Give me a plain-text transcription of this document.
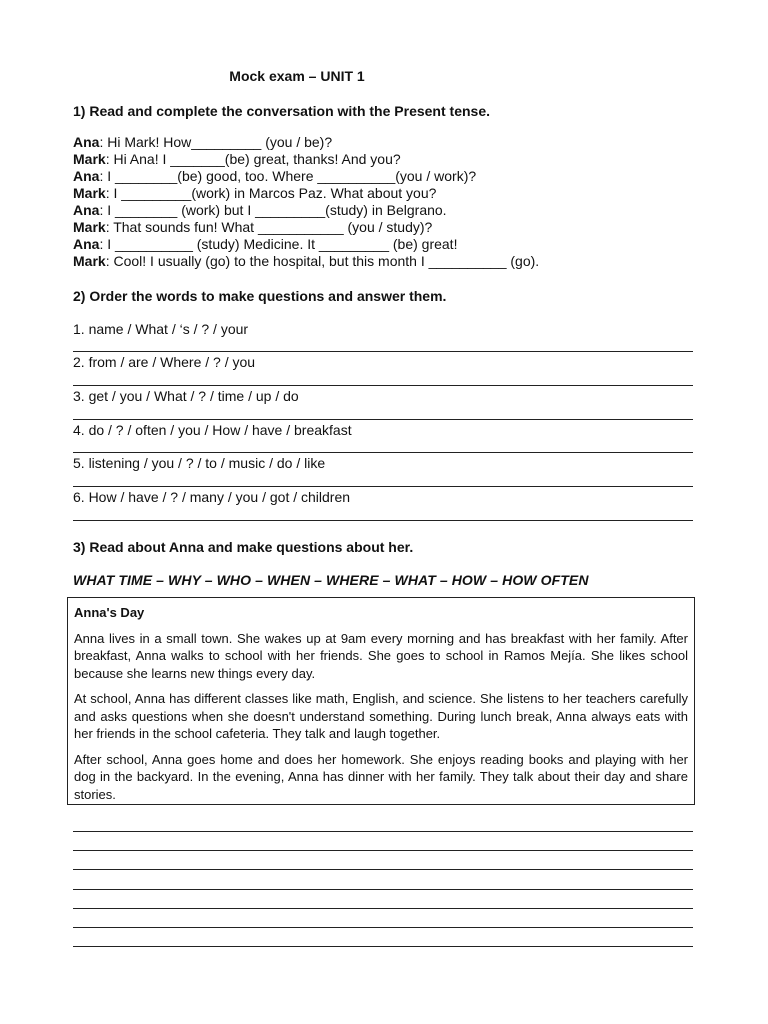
Mock exam – UNIT 1
1) Read and complete the conversation with the Present tense.
Ana: Hi Mark! How_________ (you / be)?
Mark: Hi Ana! I _______(be) great, thanks! And you?
Ana: I ________(be) good, too. Where __________(you / work)?
Mark: I _________(work) in Marcos Paz. What about you?
Ana: I ________ (work) but I _________(study) in Belgrano.
Mark: That sounds fun! What ___________ (you / study)?
Ana: I __________ (study) Medicine. It _________ (be) great!
Mark: Cool! I usually (go) to the hospital, but this month I __________ (go).
2) Order the words to make questions and answer them.
1. name / What / ‘s / ? / your
2. from / are / Where / ? / you
3. get / you / What / ? / time / up / do
4. do / ? / often / you / How / have / breakfast
5. listening / you / ? / to / music / do / like
6. How / have / ? / many / you / got / children
3) Read about Anna and make questions about her.
WHAT TIME – WHY – WHO – WHEN – WHERE – WHAT – HOW – HOW OFTEN
Anna's Day

Anna lives in a small town. She wakes up at 9am every morning and has breakfast with her family. After breakfast, Anna walks to school with her friends. She goes to school in Ramos Mejía. She likes school because she learns new things every day.

At school, Anna has different classes like math, English, and science. She listens to her teachers carefully and asks questions when she doesn't understand something. During lunch break, Anna always eats with her friends in the school cafeteria. They talk and laugh together.

After school, Anna goes home and does her homework. She enjoys reading books and playing with her dog in the backyard. In the evening, Anna has dinner with her family. They talk about their day and share stories.
